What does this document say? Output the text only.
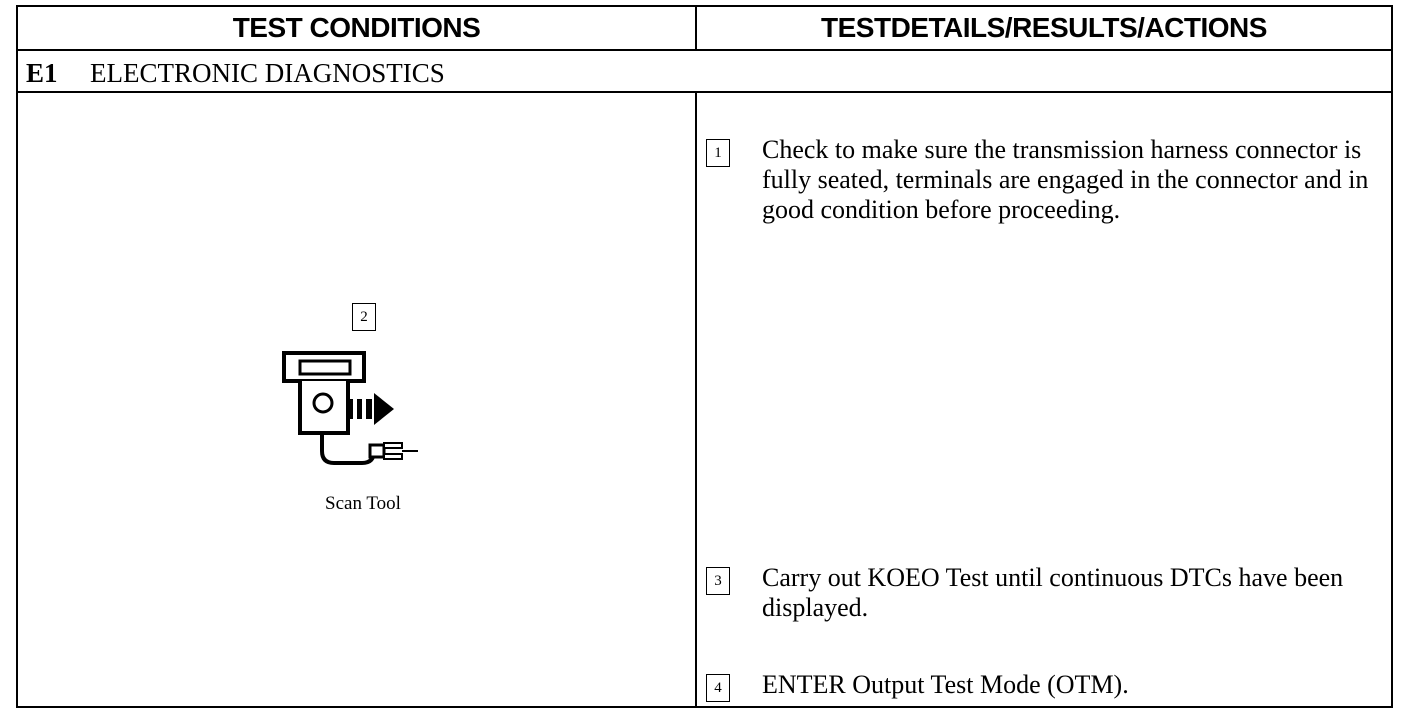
TEST CONDITIONS	TESTDETAILS/RESULTS/ACTIONS
E1	ELECTRONIC DIAGNOSTICS
2
Scan Tool
1	Check to make sure the transmission harness connector is fully seated, terminals are engaged in the connector and in good condition before proceeding.
3	Carry out KOEO Test until continuous DTCs have been displayed.
4	ENTER Output Test Mode (OTM).
